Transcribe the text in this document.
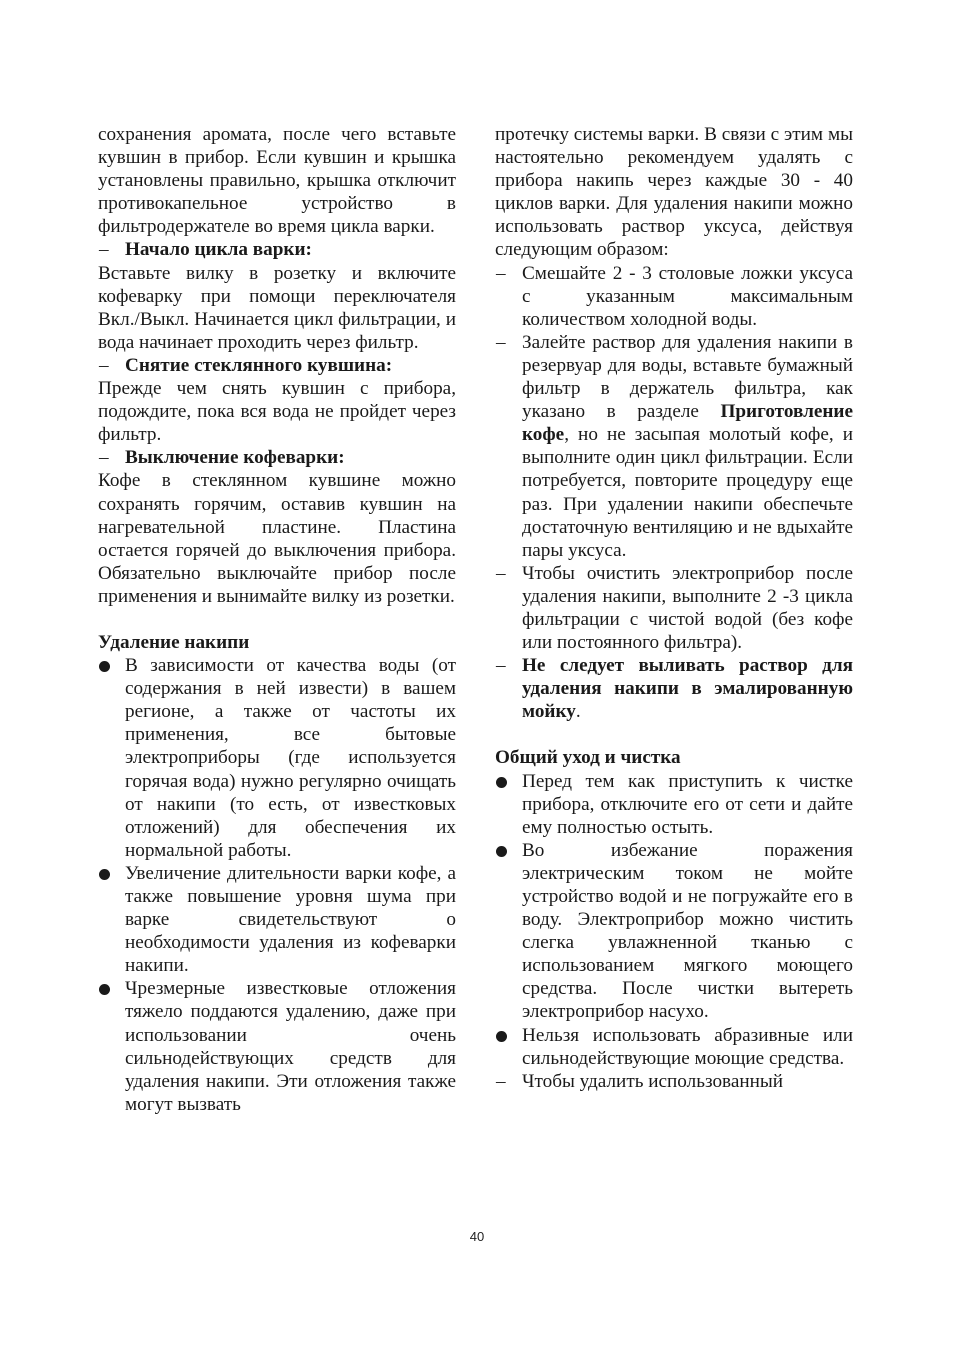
сохранения аромата, после чего вставьте кувшин в прибор. Если кувшин и крышка установлены правильно, крышка отключит противокапельное устройство в фильтродержателе во время цикла варки.

– Начало цикла варки:

Вставьте вилку в розетку и включите кофеварку при помощи переключателя Вкл./Выкл. Начинается цикл фильтрации, и вода начинает проходить через фильтр.

– Снятие стеклянного кувшина:

Прежде чем снять кувшин с прибора, подождите, пока вся вода не пройдет через фильтр.

– Выключение кофеварки:

Кофе в стеклянном кувшине можно сохранять горячим, оставив кувшин на нагревательной пластине. Пластина остается горячей до выключения прибора. Обязательно выключайте прибор после применения и вынимайте вилку из розетки.

Удаление накипи

В зависимости от качества воды (от содержания в ней извести) в вашем регионе, а также от частоты их применения, все бытовые электроприборы (где используется горячая вода) нужно регулярно очищать от накипи (то есть, от известковых отложений) для обеспечения их нормальной работы.
Увеличение длительности варки кофе, а также повышение уровня шума при варке свидетельствуют о необходимости удаления из кофеварки накипи.
Чрезмерные известковые отложения тяжело поддаются удалению, даже при использовании очень сильнодействующих средств для удаления накипи. Эти отложения также могут вызвать

протечку системы варки. В связи с этим мы настоятельно рекомендуем удалять с прибора накипь через каждые 30 - 40 циклов варки. Для удаления накипи можно использовать раствор уксуса, действуя следующим образом:

– Смешайте 2 - 3 столовые ложки уксуса с указанным максимальным количеством холодной воды.
– Залейте раствор для удаления накипи в резервуар для воды, вставьте бумажный фильтр в держатель фильтра, как указано в разделе Приготовление кофе, но не засыпая молотый кофе, и выполните один цикл фильтрации. Если потребуется, повторите процедуру еще раз. При удалении накипи обеспечьте достаточную вентиляцию и не вдыхайте пары уксуса.
– Чтобы очистить электроприбор после удаления накипи, выполните 2 -3 цикла фильтрации с чистой водой (без кофе или постоянного фильтра).
– Не следует выливать раствор для удаления накипи в эмалированную мойку.

Общий уход и чистка

Перед тем как приступить к чистке прибора, отключите его от сети и дайте ему полностью остыть.
Во избежание поражения электрическим током не мойте устройство водой и не погружайте его в воду. Электроприбор можно чистить слегка увлажненной тканью с использованием мягкого моющего средства. После чистки вытереть электроприбор насухо.
Нельзя использовать абразивные или сильнодействующие моющие средства.
– Чтобы удалить использованный
40
